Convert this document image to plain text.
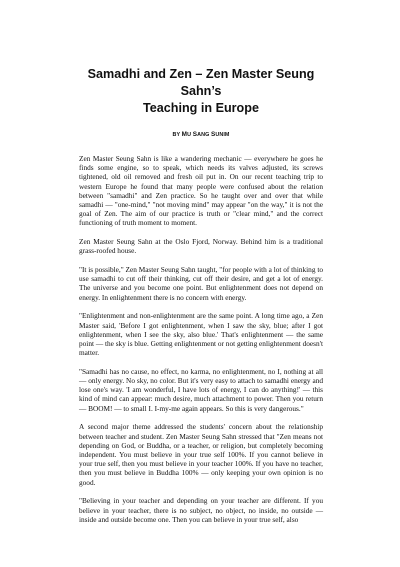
Samadhi and Zen – Zen Master Seung Sahn’s
Teaching in Europe
BY MU SANG SUNIM

Zen Master Seung Sahn is like a wandering mechanic — everywhere he goes he finds some engine, so to speak, which needs its valves adjusted, its screws tightened, old oil removed and fresh oil put in. On our recent teaching trip to western Europe he found that many people were confused about the relation between "samadhi" and Zen practice. So he taught over and over that while samadhi — "one-mind," "not moving mind" may appear "on the way," it is not the goal of Zen. The aim of our practice is truth or "clear mind," and the correct functioning of truth moment to moment.

Zen Master Seung Sahn at the Oslo Fjord, Norway. Behind him is a traditional grass-roofed house.

"It is possible," Zen Master Seung Sahn taught, "for people with a lot of thinking to use samadhi to cut off their thinking, cut off their desire, and get a lot of energy. The universe and you become one point. But enlightenment does not depend on energy. In enlightenment there is no concern with energy.

"Enlightenment and non-enlightenment are the same point. A long time ago, a Zen Master said, 'Before I got enlightenment, when I saw the sky, blue; after I got enlightenment, when I see the sky, also blue.' That's enlightenment — the same point — the sky is blue. Getting enlightenment or not getting enlightenment doesn't matter.

"Samadhi has no cause, no effect, no karma, no enlightenment, no I, nothing at all — only energy. No sky, no color. But it's very easy to attach to samadhi energy and lose one's way. 'I am wonderful, I have lots of energy, I can do anything!' — this kind of mind can appear: much desire, much attachment to power. Then you return — BOOM! — to small I. I-my-me again appears. So this is very dangerous."

A second major theme addressed the students' concern about the relationship between teacher and student. Zen Master Seung Sahn stressed that "Zen means not depending on God, or Buddha, or a teacher, or religion, but completely becoming independent. You must believe in your true self 100%. If you cannot believe in your true self, then you must believe in your teacher 100%. If you have no teacher, then you must believe in Buddha 100% — only keeping your own opinion is no good.

"Believing in your teacher and depending on your teacher are different. If you believe in your teacher, there is no subject, no object, no inside, no outside — inside and outside become one. Then you can believe in your true self, also
